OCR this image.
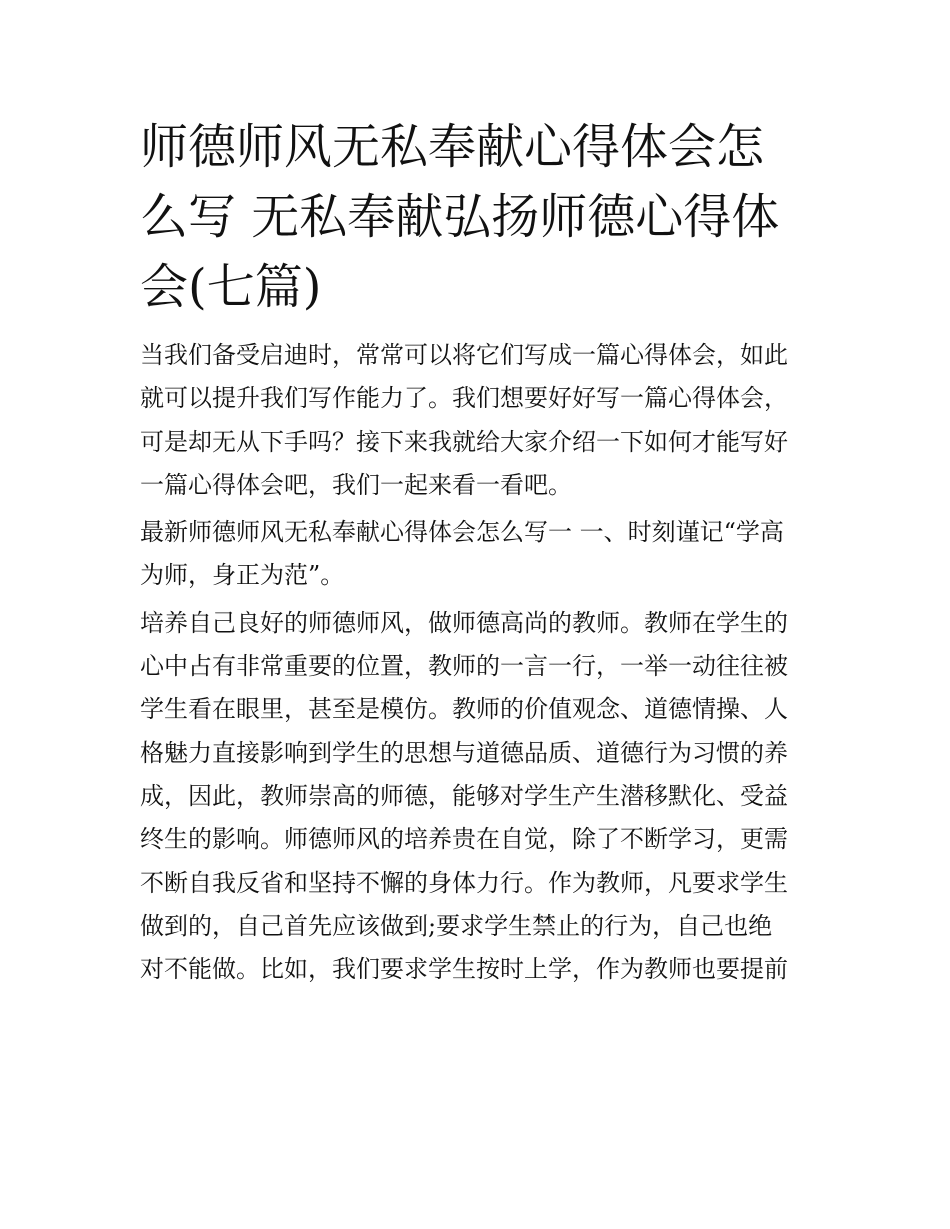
师德师风无私奉献心得体会怎
么写 无私奉献弘扬师德心得体
会(七篇)

当我们备受启迪时，常常可以将它们写成一篇心得体会，如此
就可以提升我们写作能力了。我们想要好好写一篇心得体会，
可是却无从下手吗？接下来我就给大家介绍一下如何才能写好
一篇心得体会吧，我们一起来看一看吧。

最新师德师风无私奉献心得体会怎么写一 一、时刻谨记“学高
为师，身正为范”。

培养自己良好的师德师风，做师德高尚的教师。教师在学生的
心中占有非常重要的位置，教师的一言一行，一举一动往往被
学生看在眼里，甚至是模仿。教师的价值观念、道德情操、人
格魅力直接影响到学生的思想与道德品质、道德行为习惯的养
成，因此，教师崇高的师德，能够对学生产生潜移默化、受益
终生的影响。师德师风的培养贵在自觉，除了不断学习，更需
不断自我反省和坚持不懈的身体力行。作为教师，凡要求学生
做到的，自己首先应该做到;要求学生禁止的行为，自己也绝
对不能做。比如，我们要求学生按时上学，作为教师也要提前
